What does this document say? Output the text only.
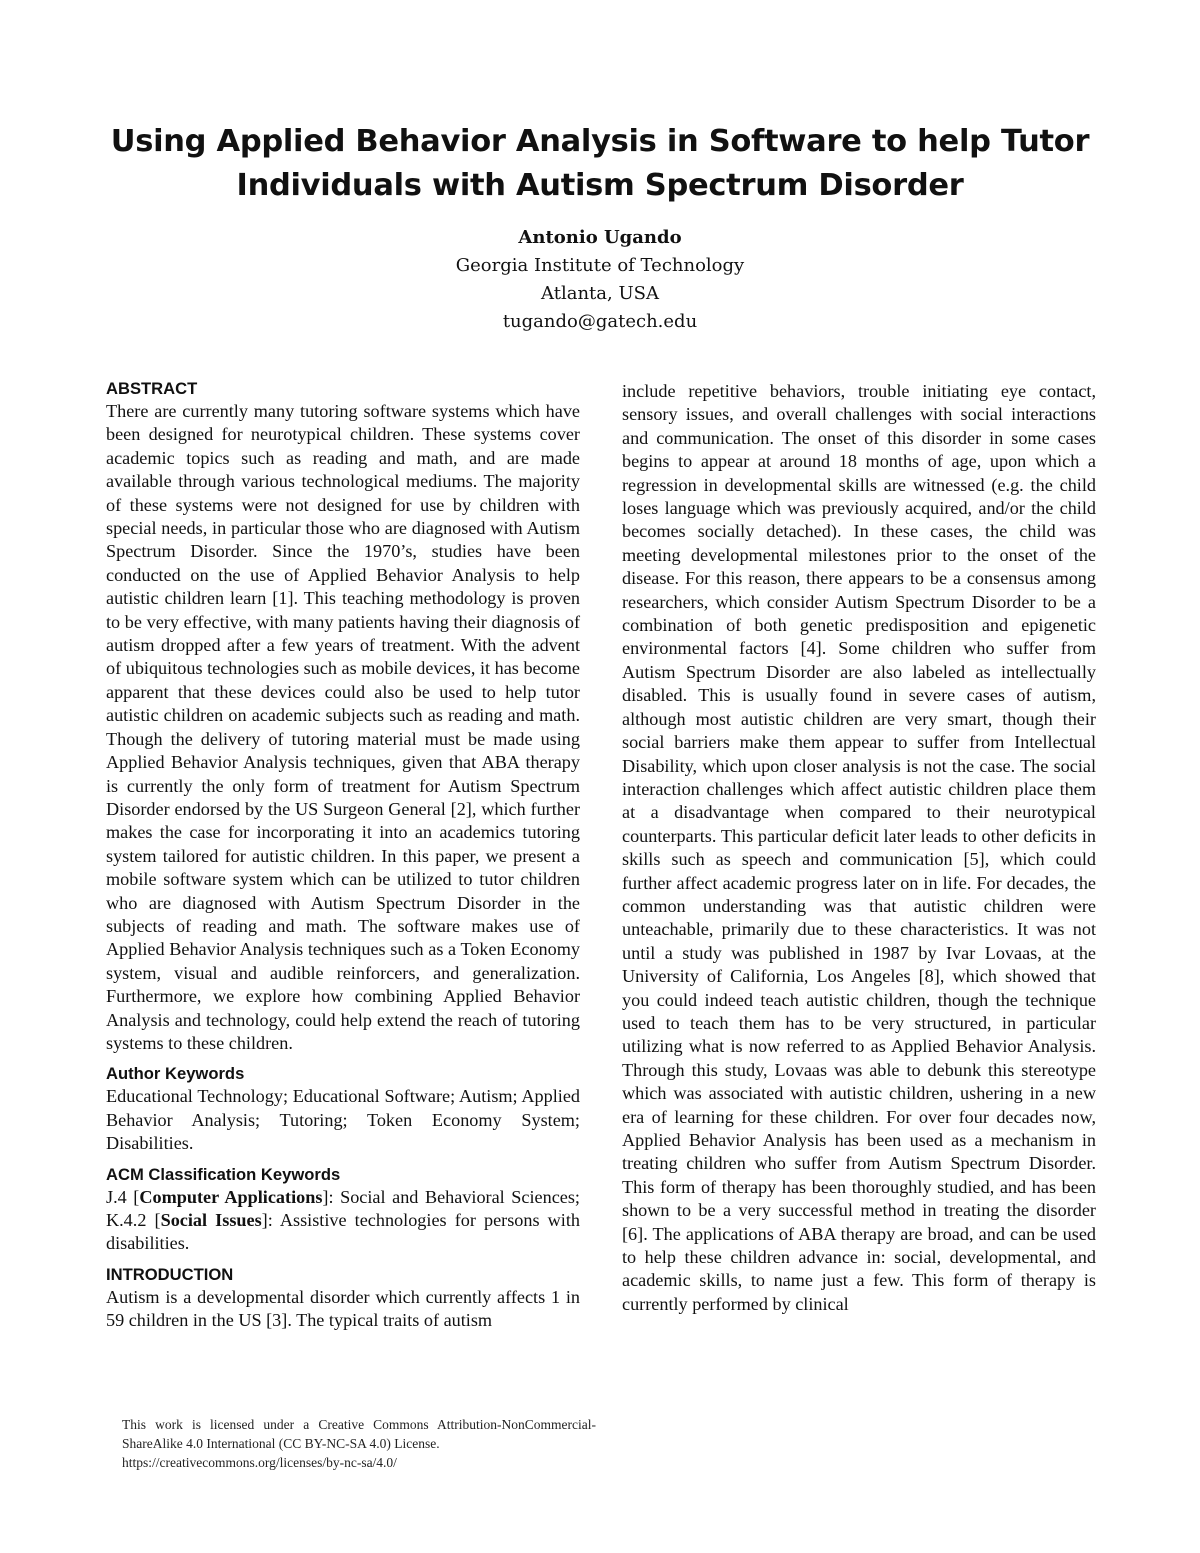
Using Applied Behavior Analysis in Software to help Tutor
Individuals with Autism Spectrum Disorder
Antonio Ugando
Georgia Institute of Technology
Atlanta, USA
tugando@gatech.edu

ABSTRACT

There are currently many tutoring software systems which have been designed for neurotypical children. These systems cover academic topics such as reading and math, and are made available through various technological mediums. The majority of these systems were not designed for use by children with special needs, in particular those who are diagnosed with Autism Spectrum Disorder. Since the 1970’s, studies have been conducted on the use of Applied Behavior Analysis to help autistic children learn [1]. This teaching methodology is proven to be very effective, with many patients having their diagnosis of autism dropped after a few years of treatment. With the advent of ubiquitous technologies such as mobile devices, it has become apparent that these devices could also be used to help tutor autistic children on academic subjects such as reading and math. Though the delivery of tutoring material must be made using Applied Behavior Analysis techniques, given that ABA therapy is currently the only form of treatment for Autism Spectrum Disorder endorsed by the US Surgeon General [2], which further makes the case for incorporating it into an academics tutoring system tailored for autistic children. In this paper, we present a mobile software system which can be utilized to tutor children who are diagnosed with Autism Spectrum Disorder in the subjects of reading and math. The software makes use of Applied Behavior Analysis techniques such as a Token Economy system, visual and audible reinforcers, and generalization. Furthermore, we explore how combining Applied Behavior Analysis and technology, could help extend the reach of tutoring systems to these children.

Author Keywords

Educational Technology; Educational Software; Autism; Applied Behavior Analysis; Tutoring; Token Economy System; Disabilities.

ACM Classification Keywords

J.4 [Computer Applications]: Social and Behavioral Sciences; K.4.2 [Social Issues]: Assistive technologies for persons with disabilities.

INTRODUCTION

Autism is a developmental disorder which currently affects 1 in 59 children in the US [3]. The typical traits of autism

include repetitive behaviors, trouble initiating eye contact, sensory issues, and overall challenges with social interactions and communication. The onset of this disorder in some cases begins to appear at around 18 months of age, upon which a regression in developmental skills are witnessed (e.g. the child loses language which was previously acquired, and/or the child becomes socially detached). In these cases, the child was meeting developmental milestones prior to the onset of the disease. For this reason, there appears to be a consensus among researchers, which consider Autism Spectrum Disorder to be a combination of both genetic predisposition and epigenetic environmental factors [4]. Some children who suffer from Autism Spectrum Disorder are also labeled as intellectually disabled. This is usually found in severe cases of autism, although most autistic children are very smart, though their social barriers make them appear to suffer from Intellectual Disability, which upon closer analysis is not the case. The social interaction challenges which affect autistic children place them at a disadvantage when compared to their neurotypical counterparts. This particular deficit later leads to other deficits in skills such as speech and communication [5], which could further affect academic progress later on in life. For decades, the common understanding was that autistic children were unteachable, primarily due to these characteristics. It was not until a study was published in 1987 by Ivar Lovaas, at the University of California, Los Angeles [8], which showed that you could indeed teach autistic children, though the technique used to teach them has to be very structured, in particular utilizing what is now referred to as Applied Behavior Analysis. Through this study, Lovaas was able to debunk this stereotype which was associated with autistic children, ushering in a new era of learning for these children. For over four decades now, Applied Behavior Analysis has been used as a mechanism in treating children who suffer from Autism Spectrum Disorder. This form of therapy has been thoroughly studied, and has been shown to be a very successful method in treating the disorder [6]. The applications of ABA therapy are broad, and can be used to help these children advance in: social, developmental, and academic skills, to name just a few. This form of therapy is currently performed by clinical

This work is licensed under a Creative Commons Attribution-NonCommercial-ShareAlike 4.0 International (CC BY-NC-SA 4.0) License.
https://creativecommons.org/licenses/by-nc-sa/4.0/
